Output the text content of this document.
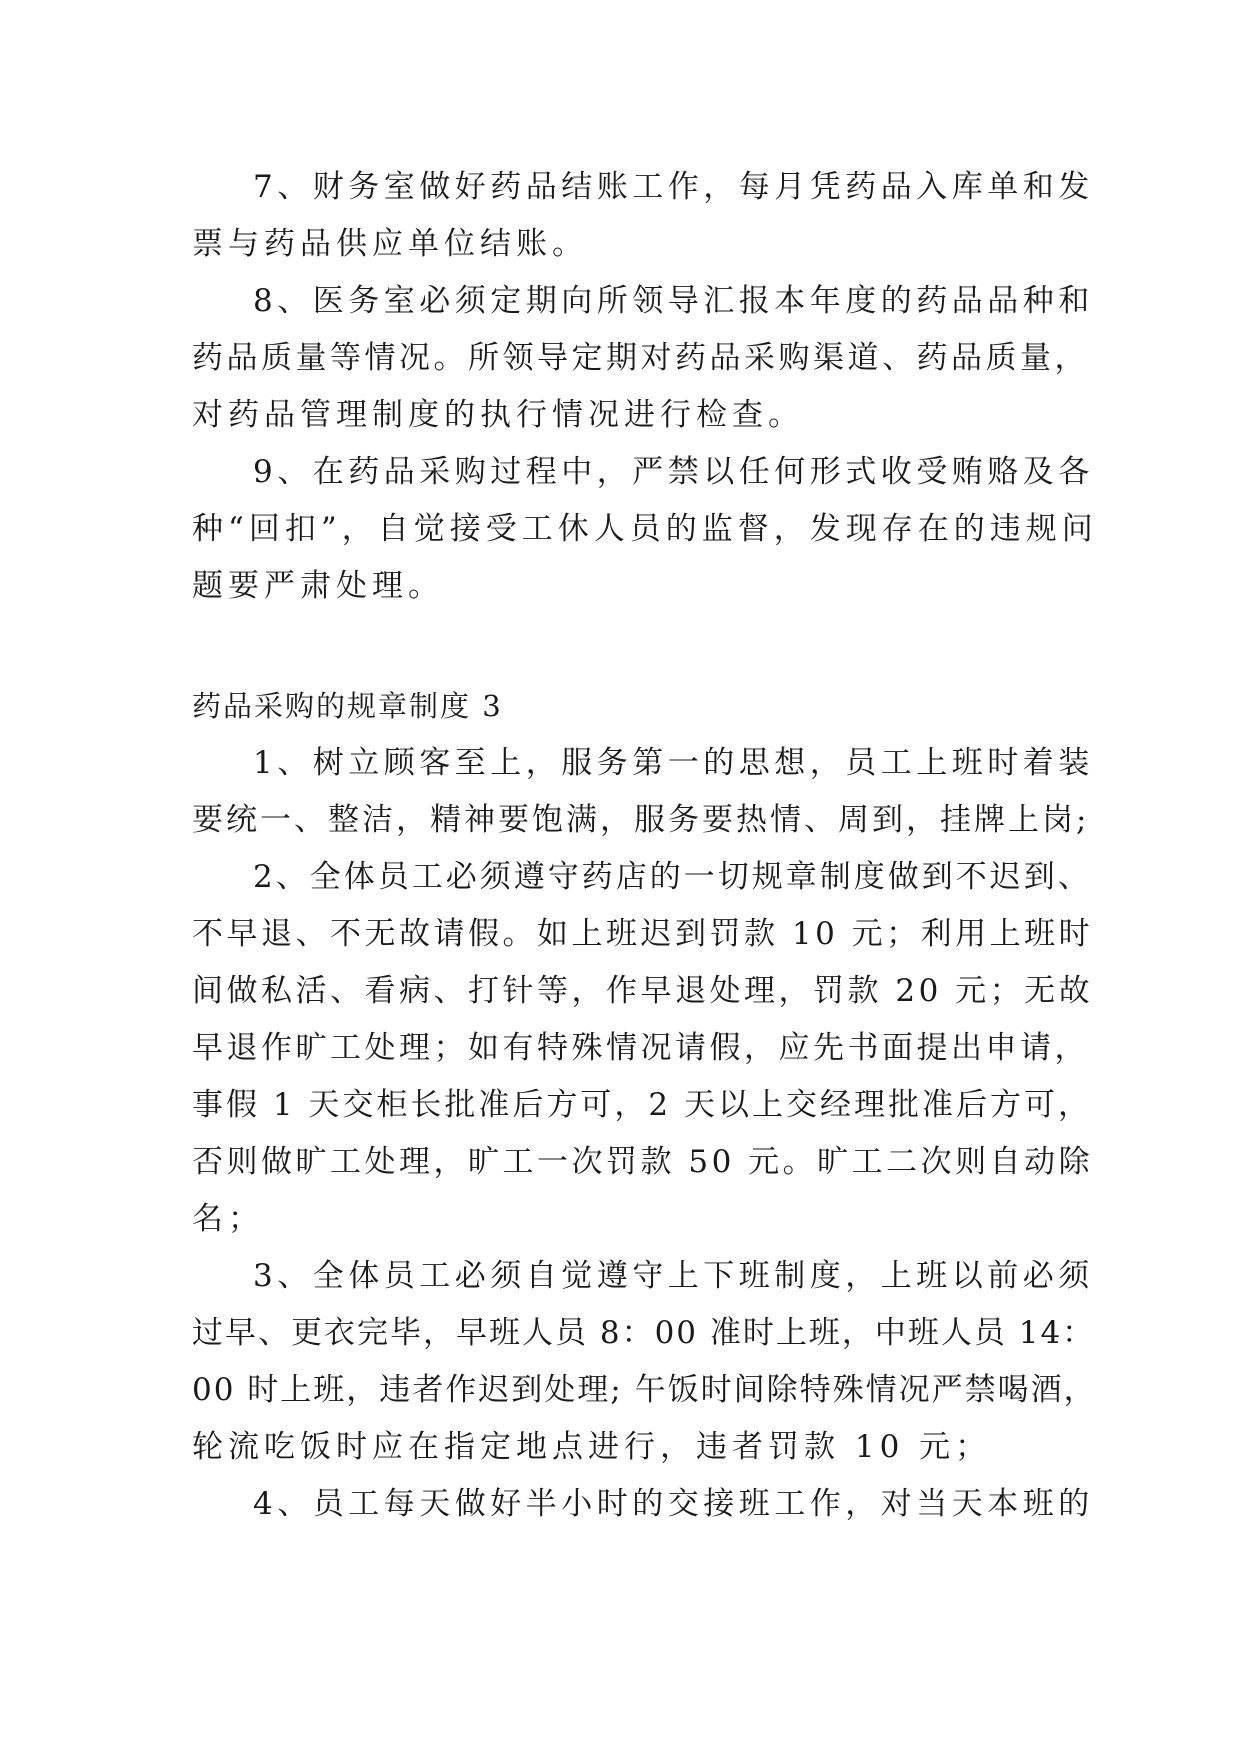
7、财务室做好药品结账工作，每月凭药品入库单和发
票与药品供应单位结账。
8、医务室必须定期向所领导汇报本年度的药品品种和
药品质量等情况。所领导定期对药品采购渠道、药品质量，
对药品管理制度的执行情况进行检查。
9、在药品采购过程中，严禁以任何形式收受贿赂及各
种“回扣”，自觉接受工休人员的监督，发现存在的违规问
题要严肃处理。
药品采购的规章制度 3
1、树立顾客至上，服务第一的思想，员工上班时着装
要统一、整洁，精神要饱满，服务要热情、周到，挂牌上岗;
2、全体员工必须遵守药店的一切规章制度做到不迟到、
不早退、不无故请假。如上班迟到罚款 10 元；利用上班时
间做私活、看病、打针等，作早退处理，罚款 20 元；无故
早退作旷工处理；如有特殊情况请假，应先书面提出申请，
事假 1 天交柜长批准后方可，2 天以上交经理批准后方可，
否则做旷工处理，旷工一次罚款 50 元。旷工二次则自动除
名；
3、全体员工必须自觉遵守上下班制度，上班以前必须
过早、更衣完毕，早班人员 8：00 准时上班，中班人员 14：
00 时上班，违者作迟到处理; 午饭时间除特殊情况严禁喝酒，
轮流吃饭时应在指定地点进行，违者罚款 10 元；
4、员工每天做好半小时的交接班工作，对当天本班的
